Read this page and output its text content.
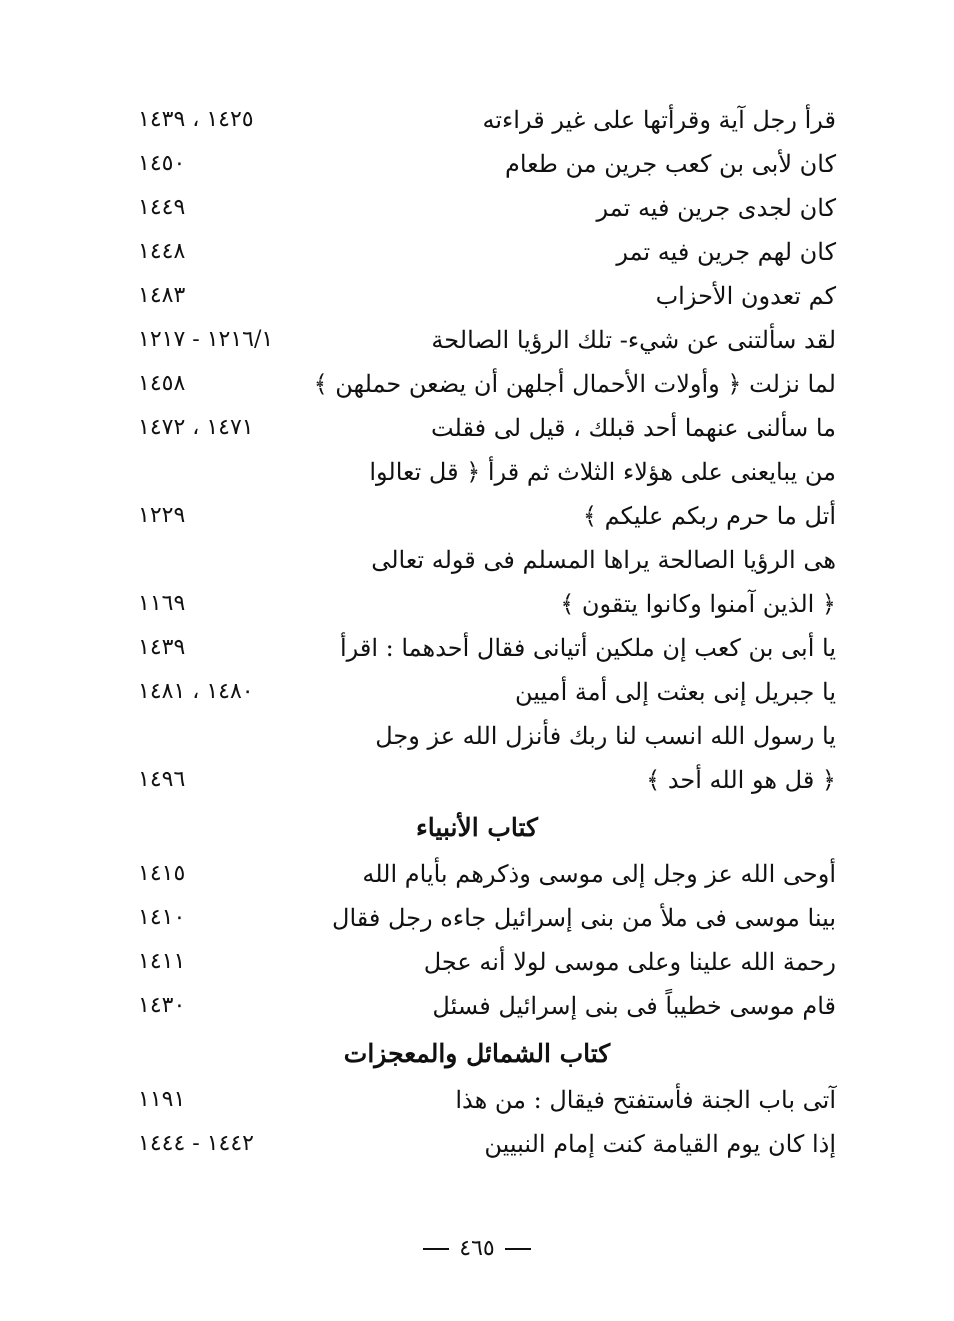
قرأ رجل آية وقرأتها على غير قراءته
١٤٢٥ ، ١٤٣٩
كان لأبى بن كعب جرين من طعام
١٤٥٠
كان لجدى جرين فيه تمر
١٤٤٩
كان لهم جرين فيه تمر
١٤٤٨
كم تعدون الأحزاب
١٤٨٣
لقد سألتنى عن شيء- تلك الرؤيا الصالحة
١٢١٦/١ - ١٢١٧
لما نزلت ﴿ وأولات الأحمال أجلهن أن يضعن حملهن ﴾
١٤٥٨
ما سألنى عنهما أحد قبلك ، قيل لى فقلت
١٤٧١ ، ١٤٧٢
من يبايعنى على هؤلاء الثلاث ثم قرأ ﴿ قل تعالوا
أتل ما حرم ربكم عليكم ﴾
١٢٢٩
هى الرؤيا الصالحة يراها المسلم فى قوله تعالى
﴿ الذين آمنوا وكانوا يتقون ﴾
١١٦٩
يا أبى بن كعب إن ملكين أتيانى فقال أحدهما : اقرأ
١٤٣٩
يا جبريل إنى بعثت إلى أمة أميين
١٤٨٠ ، ١٤٨١
يا رسول الله انسب لنا ربك فأنزل الله عز وجل
﴿ قل هو الله أحد ﴾
١٤٩٦
كتاب الأنبياء
أوحى الله عز وجل إلى موسى وذكرهم بأيام الله
١٤١٥
بينا موسى فى ملأ من بنى إسرائيل جاءه رجل فقال
١٤١٠
رحمة الله علينا وعلى موسى لولا أنه عجل
١٤١١
قام موسى خطيباً فى بنى إسرائيل فسئل
١٤٣٠
كتاب الشمائل والمعجزات
آتى باب الجنة فأستفتح فيقال : من هذا
١١٩١
إذا كان يوم القيامة كنت إمام النبيين
١٤٤٢ - ١٤٤٤
٤٦٥
